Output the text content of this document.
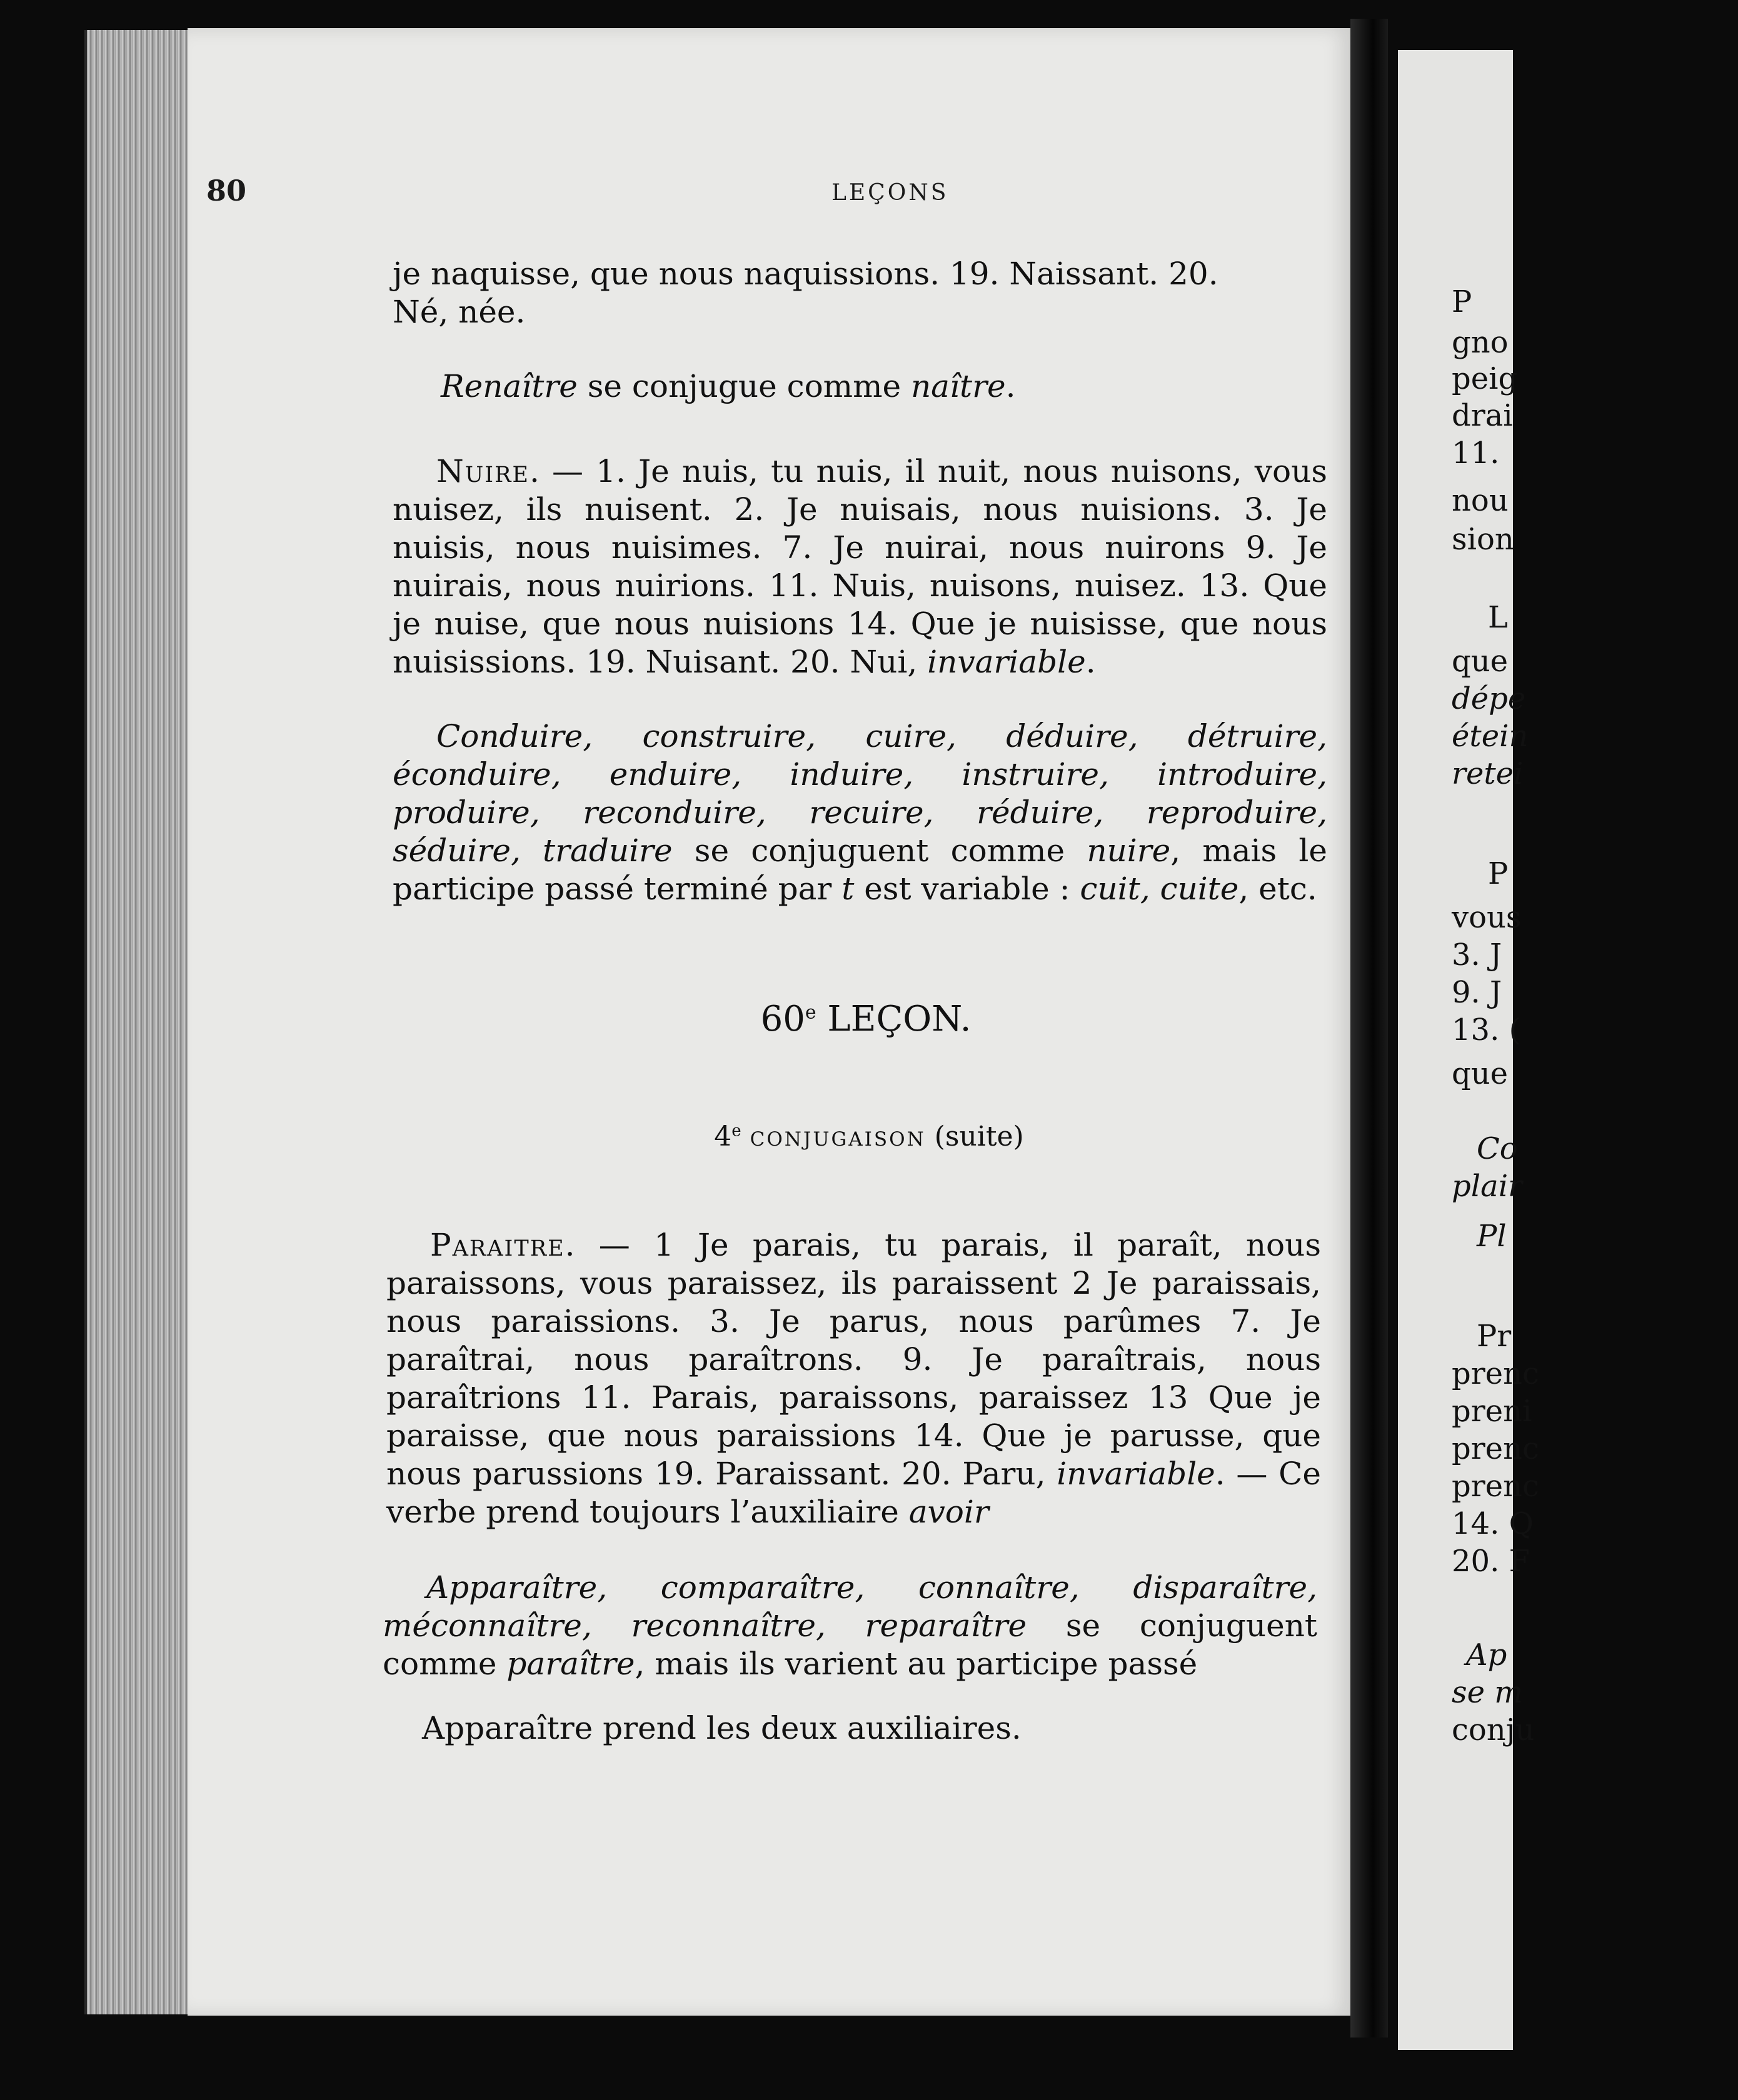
80	LEÇONS

je naquisse, que nous naquissions. 19. Naissant. 20.
Né, née.

Renaître se conjugue comme naître.

Nuire. — 1. Je nuis, tu nuis, il nuit, nous nuisons, vous nuisez, ils nuisent. 2. Je nuisais, nous nuisions. 3. Je nuisis, nous nuisimes. 7. Je nuirai, nous nuirons 9. Je nuirais, nous nuirions. 11. Nuis, nuisons, nuisez. 13. Que je nuise, que nous nuisions 14. Que je nuisisse, que nous nuisissions. 19. Nuisant. 20. Nui, invariable.

Conduire, construire, cuire, déduire, détruire, éconduire, enduire, induire, instruire, introduire, produire, reconduire, recuire, réduire, reproduire, séduire, traduire se conjuguent comme nuire, mais le participe passé terminé par t est variable : cuit, cuite, etc.

60e LEÇON.
4e conjugaison (suite)

Paraitre. — 1 Je parais, tu parais, il paraît, nous paraissons, vous paraissez, ils paraissent 2 Je paraissais, nous paraissions. 3. Je parus, nous parûmes 7. Je paraîtrai, nous paraîtrons. 9. Je paraîtrais, nous paraîtrions 11. Parais, paraissons, paraissez 13 Que je paraisse, que nous paraissions 14. Que je parusse, que nous parussions 19. Paraissant. 20. Paru, invariable. — Ce verbe prend toujours l’auxiliaire avoir

Apparaître, comparaître, connaître, disparaître, méconnaître, reconnaître, reparaître se conjuguent comme paraître, mais ils varient au participe passé

Apparaître prend les deux auxiliaires.

P
gno
peig
drai
11.
nou
sion
L
que
dépe
étein
retei
P
vous
3. J
9. J
13. (
que
Co
plair
Pl
Pr
prenc
preni
prenc
prenc
14. Q
20. F
Ap
se m
conju
